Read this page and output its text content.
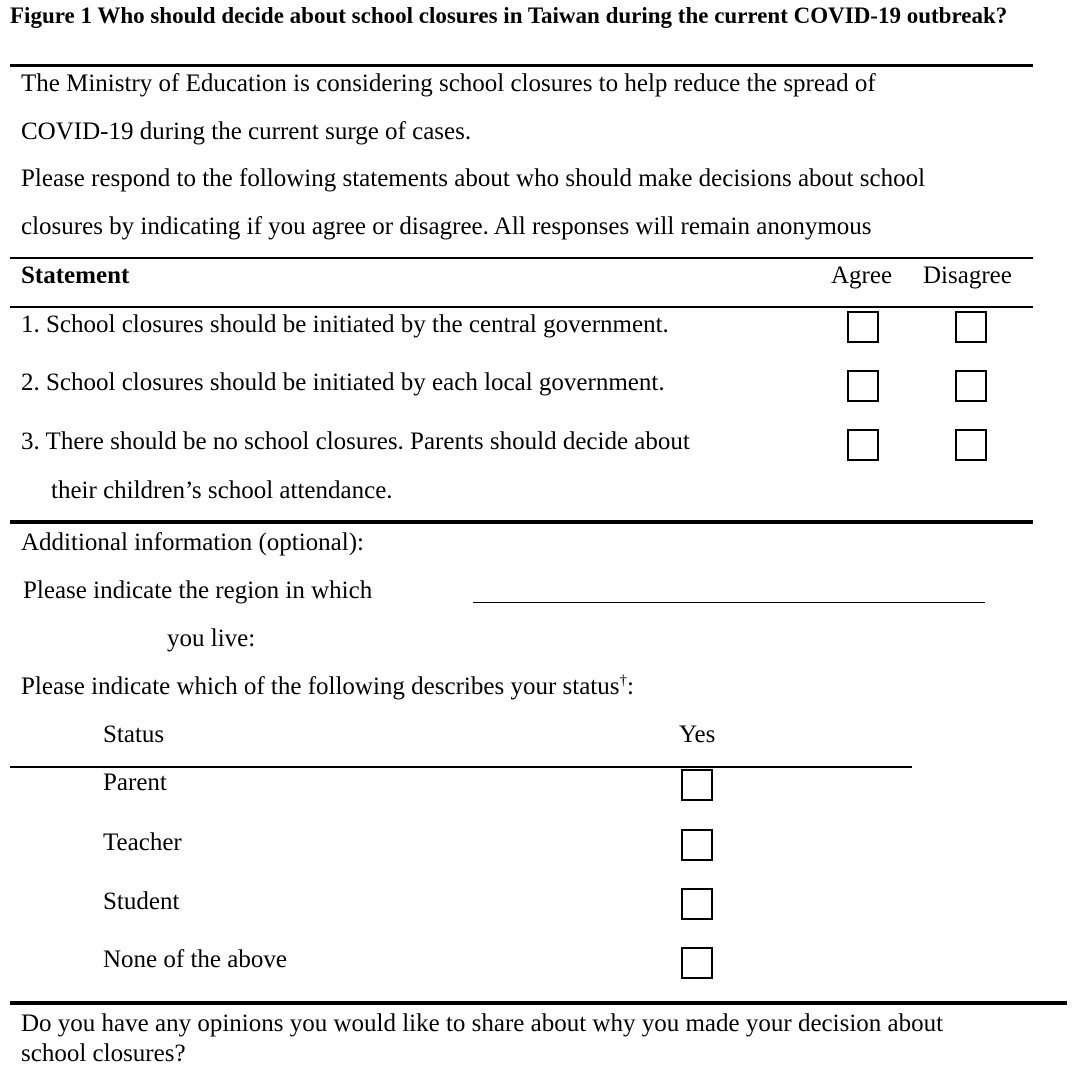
Figure 1 Who should decide about school closures in Taiwan during the current COVID-19 outbreak?
The Ministry of Education is considering school closures to help reduce the spread of
COVID-19 during the current surge of cases.
Please respond to the following statements about who should make decisions about school
closures by indicating if you agree or disagree. All responses will remain anonymous
Statement	Agree Disagree
1. School closures should be initiated by the central government.
2. School closures should be initiated by each local government.
3. There should be no school closures. Parents should decide about
their children’s school attendance.
Additional information (optional):
Please indicate the region in which
you live:
Please indicate which of the following describes your status†:
Status	Yes
Parent
Teacher
Student
None of the above
Do you have any opinions you would like to share about why you made your decision about
school closures?
